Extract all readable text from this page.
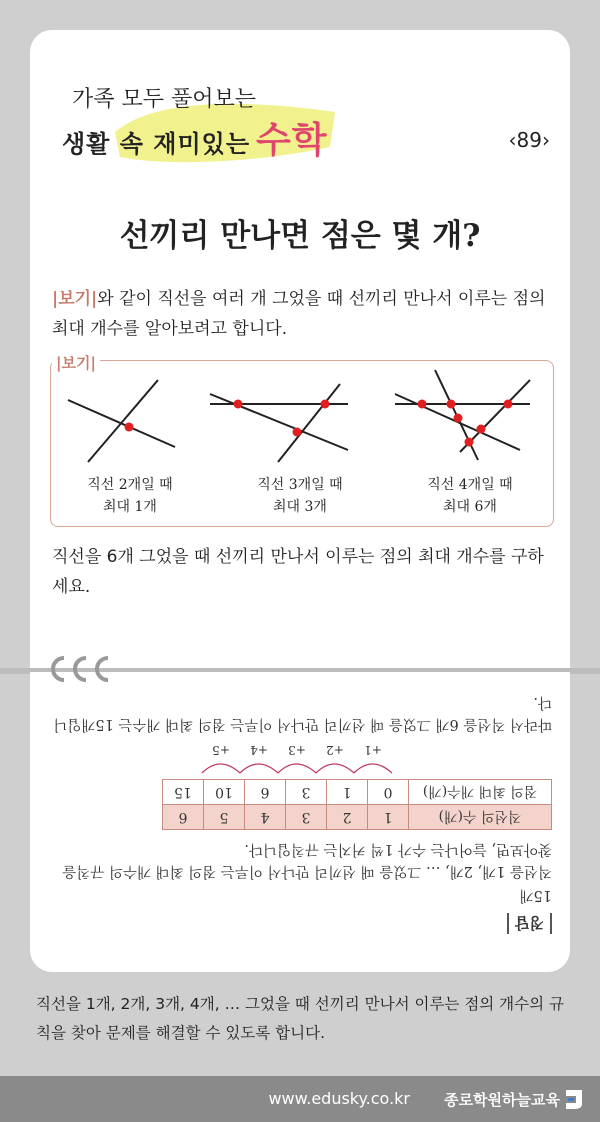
가족 모두 풀어보는
생활 속 재미있는 수학	‹89›
선끼리 만나면 점은 몇 개?
|보기|와 같이 직선을 여러 개 그었을 때 선끼리 만나서 이루는 점의 최대 개수를 알아보려고 합니다.
|보기|
직선 2개일 때
최대 1개
직선 3개일 때
최대 3개
직선 4개일 때
최대 6개
직선을 6개 그었을 때 선끼리 만나서 이루는 점의 최대 개수를 구하세요.
정답
15개
직선을 1개, 2개, … 그었을 때 선끼리 만나서 이루는 점의 최대 개수의 규칙을 찾아보면, 늘어나는 수가 1씩 커지는 규칙입니다.
직선의 수(개)	1	2	3	4	5	6
점의 최대 개수(개)	0	1	3	6	10	15
+1
+2
+3
+4
+5
따라서 직선을 6개 그었을 때 선끼리 만나서 이루는 점의 최대 개수는 15개입니다.
직선을 1개, 2개, 3개, 4개, … 그었을 때 선끼리 만나서 이루는 점의 개수의 규칙을 찾아 문제를 해결할 수 있도록 합니다.
www.edusky.co.kr 종로학원하늘교육
